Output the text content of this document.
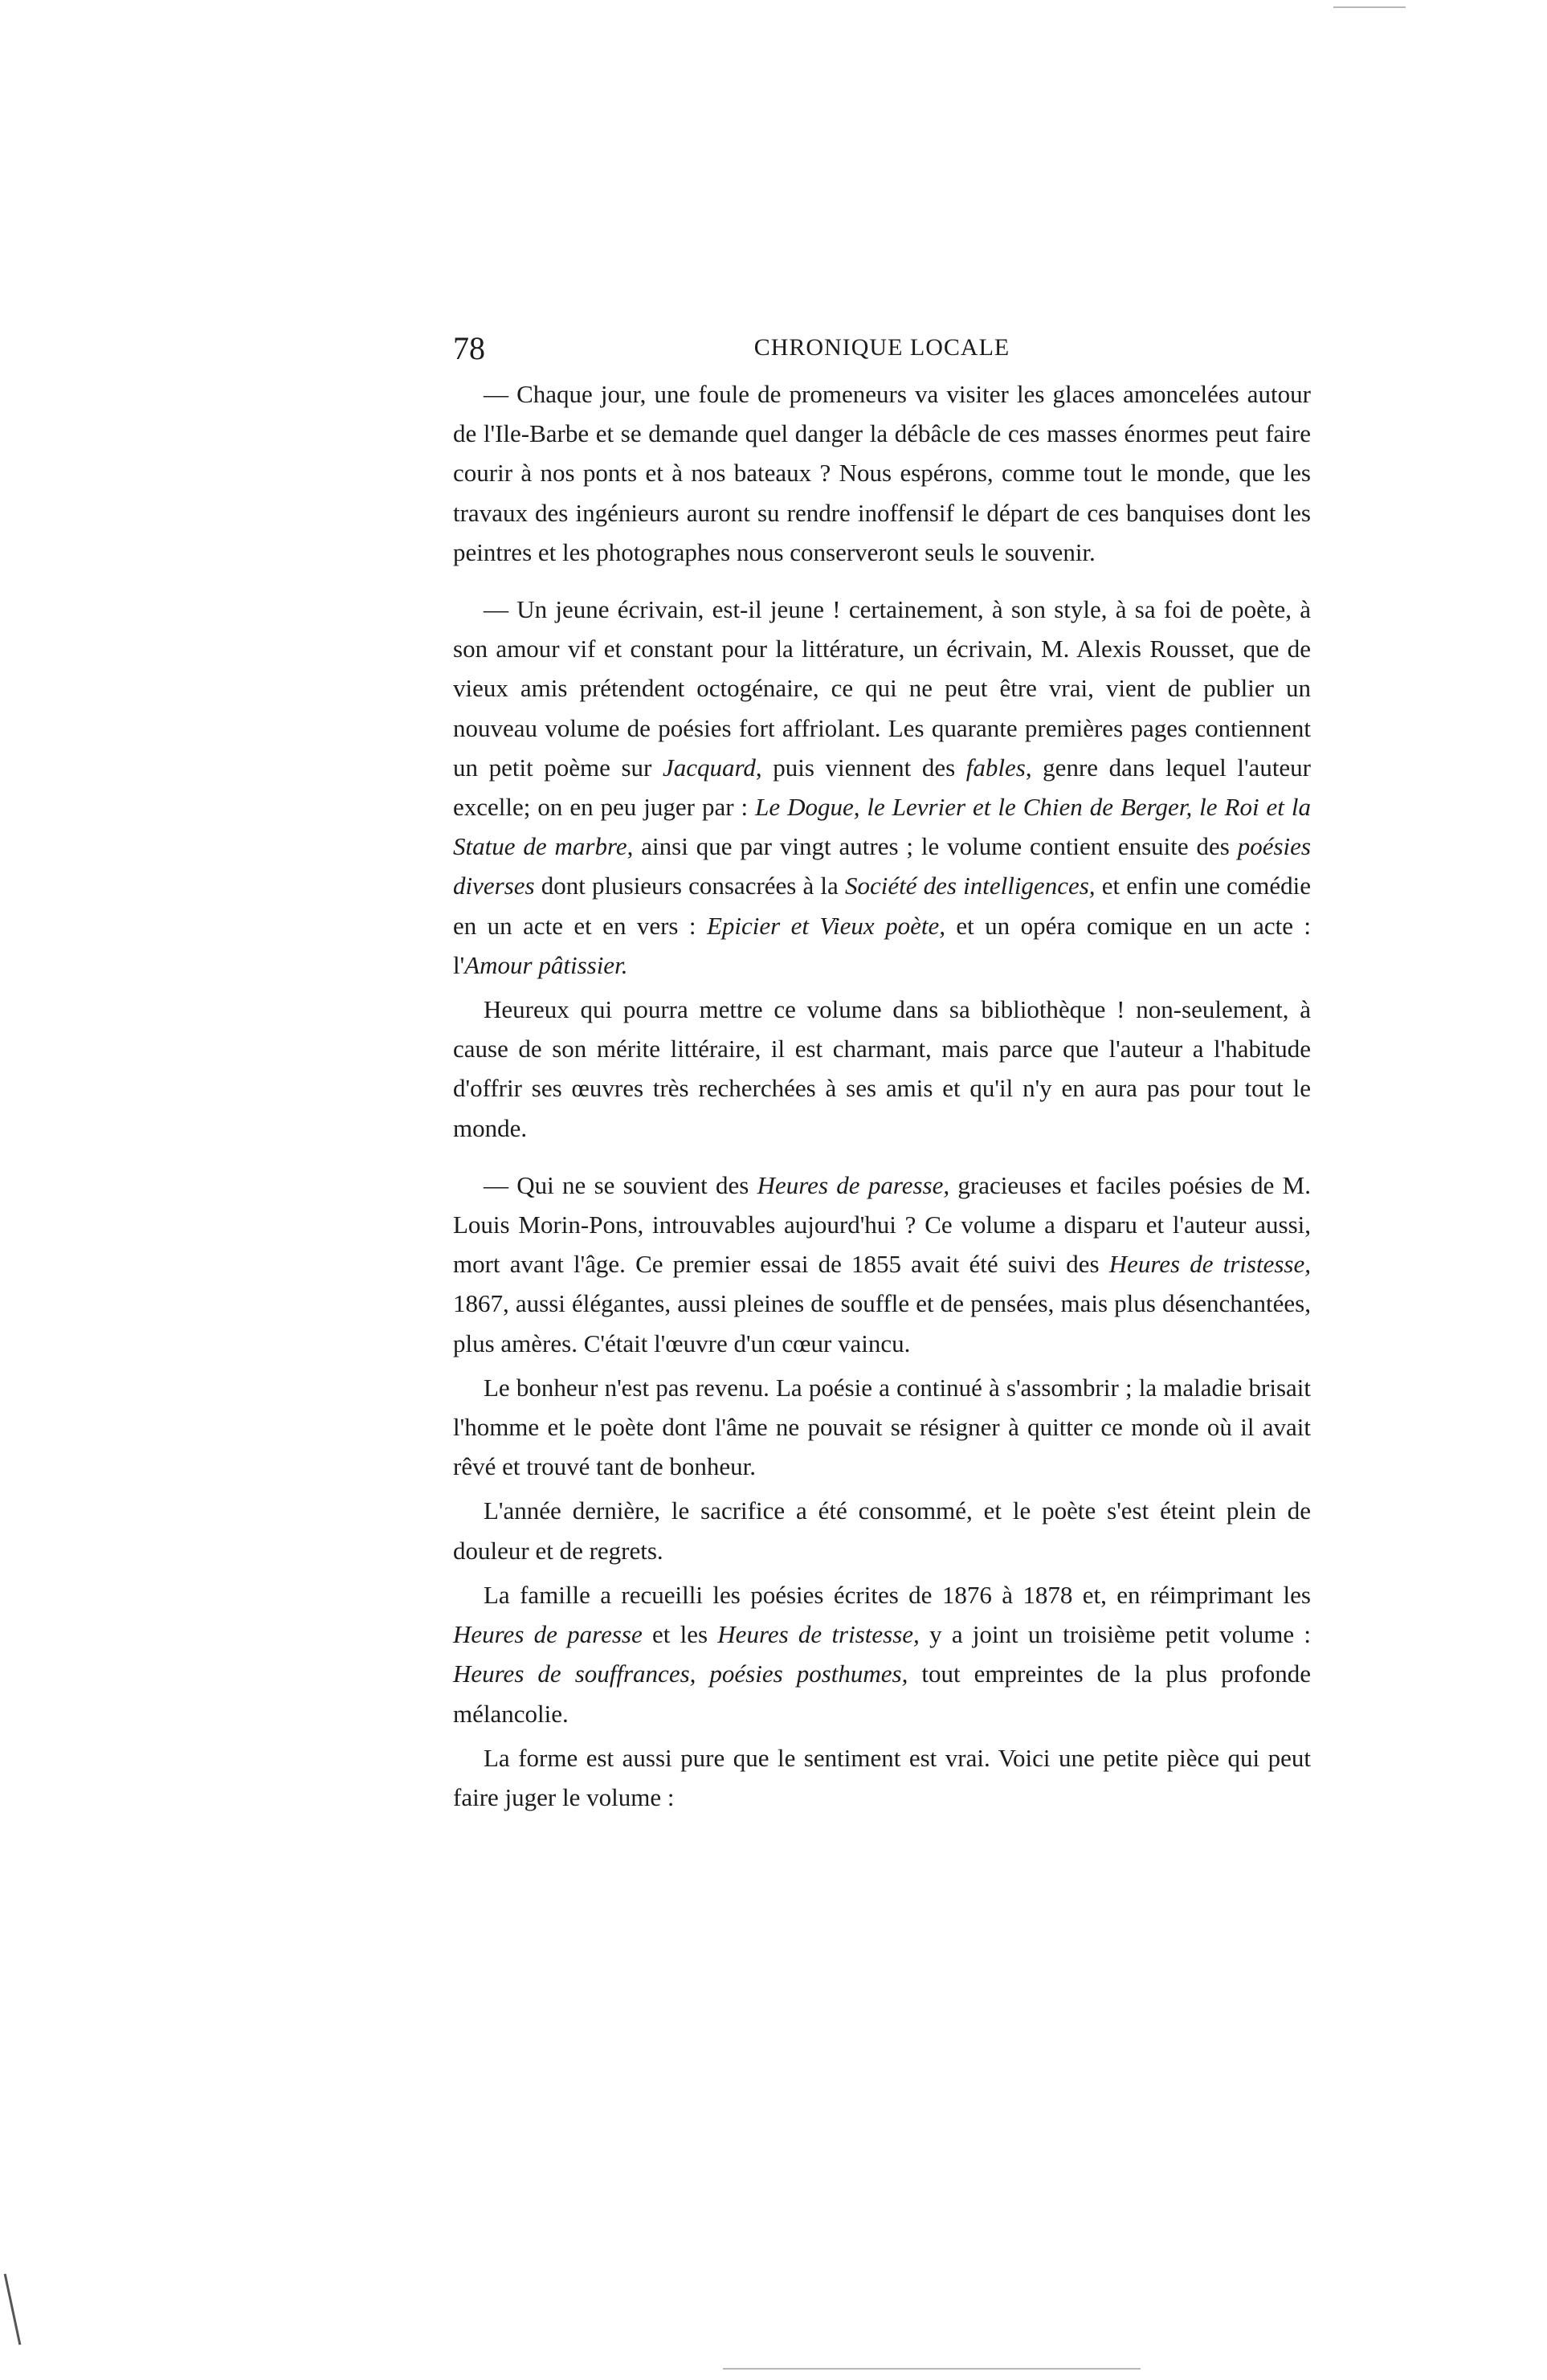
78	CHRONIQUE LOCALE

— Chaque jour, une foule de promeneurs va visiter les glaces amoncelées autour de l'Ile-Barbe et se demande quel danger la débâcle de ces masses énormes peut faire courir à nos ponts et à nos bateaux ? Nous espérons, comme tout le monde, que les travaux des ingénieurs auront su rendre inoffensif le départ de ces banquises dont les peintres et les photographes nous conserveront seuls le souvenir.

— Un jeune écrivain, est-il jeune ! certainement, à son style, à sa foi de poète, à son amour vif et constant pour la littérature, un écrivain, M. Alexis Rousset, que de vieux amis prétendent octogénaire, ce qui ne peut être vrai, vient de publier un nouveau volume de poésies fort affriolant. Les quarante premières pages contiennent un petit poème sur Jacquard, puis viennent des fables, genre dans lequel l'auteur excelle; on en peu juger par : Le Dogue, le Levrier et le Chien de Berger, le Roi et la Statue de marbre, ainsi que par vingt autres ; le volume contient ensuite des poésies diverses dont plusieurs consacrées à la Société des intelligences, et enfin une comédie en un acte et en vers : Epicier et Vieux poète, et un opéra comique en un acte : l'Amour pâtissier.

Heureux qui pourra mettre ce volume dans sa bibliothèque ! non-seulement, à cause de son mérite littéraire, il est charmant, mais parce que l'auteur a l'habitude d'offrir ses œuvres très recherchées à ses amis et qu'il n'y en aura pas pour tout le monde.

— Qui ne se souvient des Heures de paresse, gracieuses et faciles poésies de M. Louis Morin-Pons, introuvables aujourd'hui ? Ce volume a disparu et l'auteur aussi, mort avant l'âge. Ce premier essai de 1855 avait été suivi des Heures de tristesse, 1867, aussi élégantes, aussi pleines de souffle et de pensées, mais plus désenchantées, plus amères. C'était l'œuvre d'un cœur vaincu.

Le bonheur n'est pas revenu. La poésie a continué à s'assombrir ; la maladie brisait l'homme et le poète dont l'âme ne pouvait se résigner à quitter ce monde où il avait rêvé et trouvé tant de bonheur.

L'année dernière, le sacrifice a été consommé, et le poète s'est éteint plein de douleur et de regrets.

La famille a recueilli les poésies écrites de 1876 à 1878 et, en réimprimant les Heures de paresse et les Heures de tristesse, y a joint un troisième petit volume : Heures de souffrances, poésies posthumes, tout empreintes de la plus profonde mélancolie.

La forme est aussi pure que le sentiment est vrai. Voici une petite pièce qui peut faire juger le volume :
